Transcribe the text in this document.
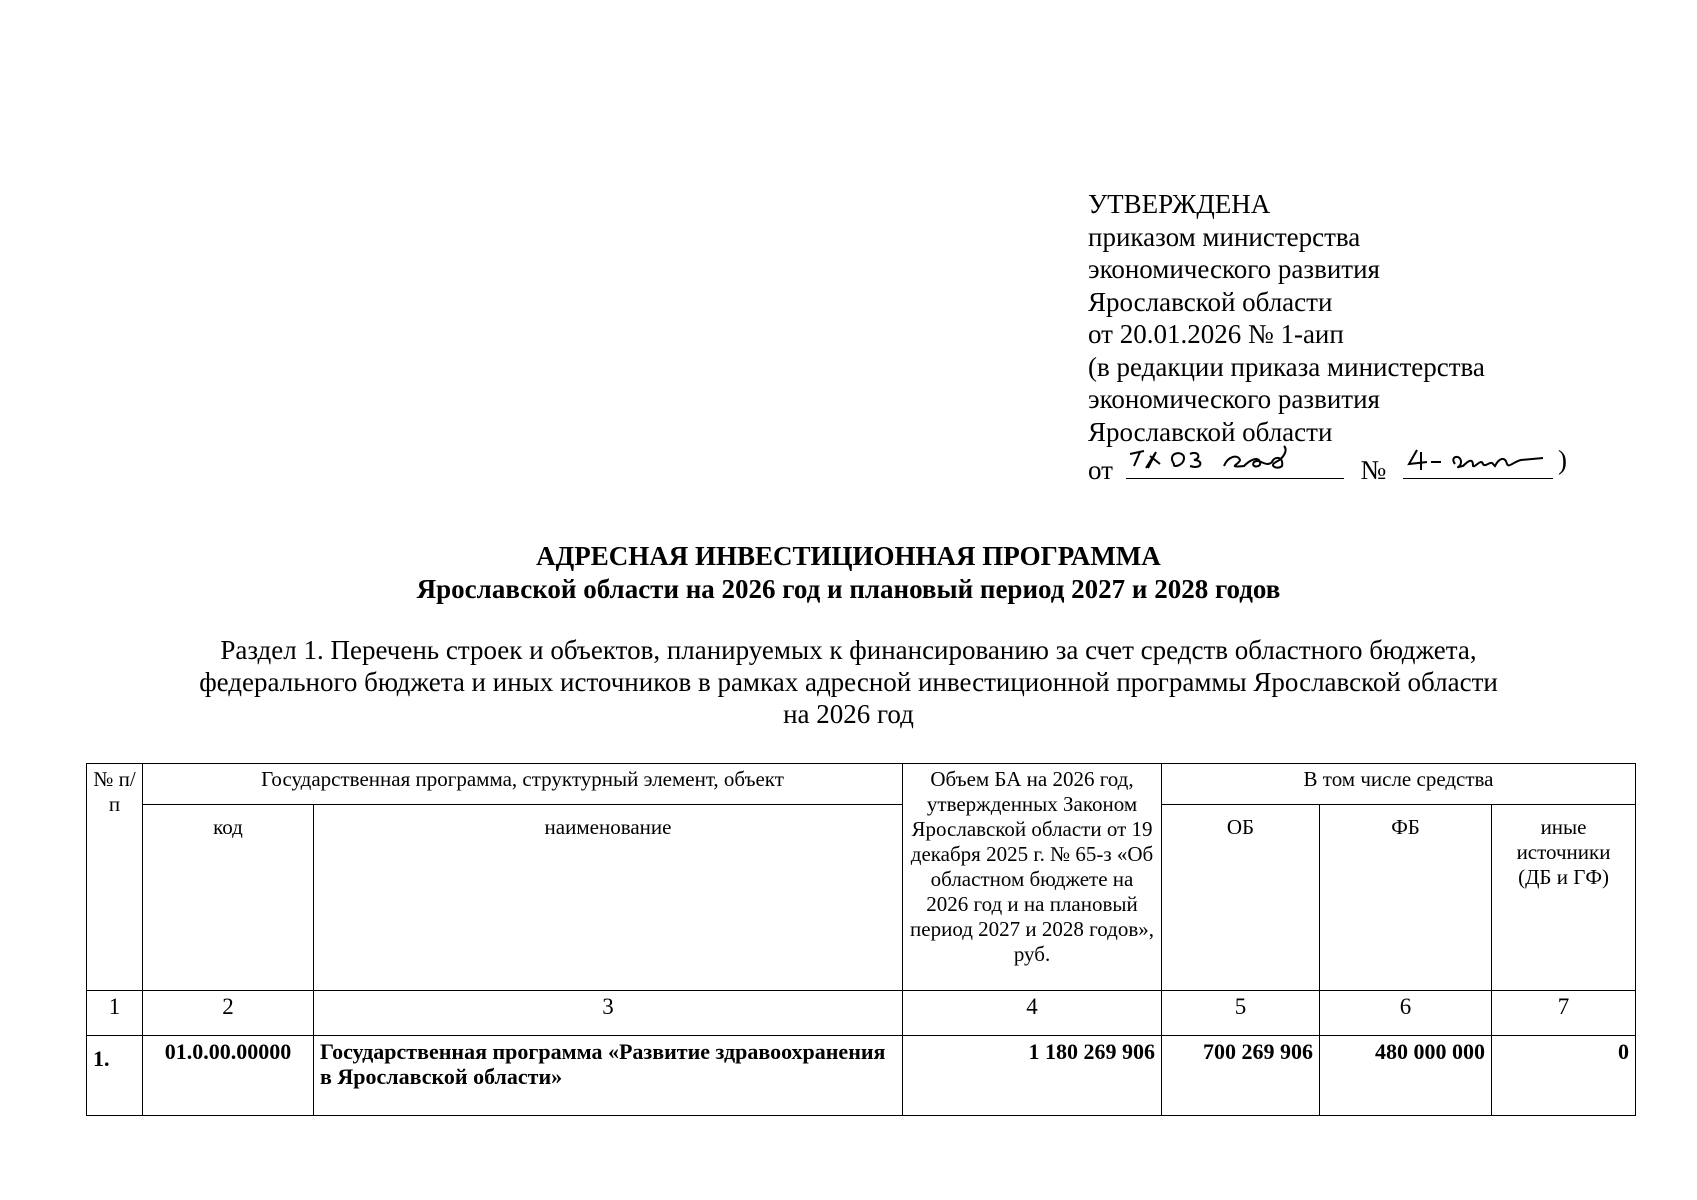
УТВЕРЖДЕНА
приказом министерства
экономического развития
Ярославской области
от 20.01.2026 № 1-аип
(в редакции приказа министерства
экономического развития
Ярославской области
от	№	)
АДРЕСНАЯ ИНВЕСТИЦИОННАЯ ПРОГРАММА
Ярославской области на 2026 год и плановый период 2027 и 2028 годов
Раздел 1. Перечень строек и объектов, планируемых к финансированию за счет средств областного бюджета,
федерального бюджета и иных источников в рамках адресной инвестиционной программы Ярославской области
на 2026 год
№ п/п	Государственная программа, структурный элемент, объект		Объем БА на 2026 год, утвержденных Законом Ярославской области от 19 декабря 2025 г. № 65-з «Об областном бюджете на 2026 год и на плановый период 2027 и 2028 годов», руб.	В том числе средства		
	код	наименование		ОБ	ФБ	иные источники (ДБ и ГФ)
1	2	3	4	5	6	7
1.	01.0.00.00000	Государственная программа «Развитие здравоохранения в Ярославской области»	1 180 269 906	700 269 906	480 000 000	0
